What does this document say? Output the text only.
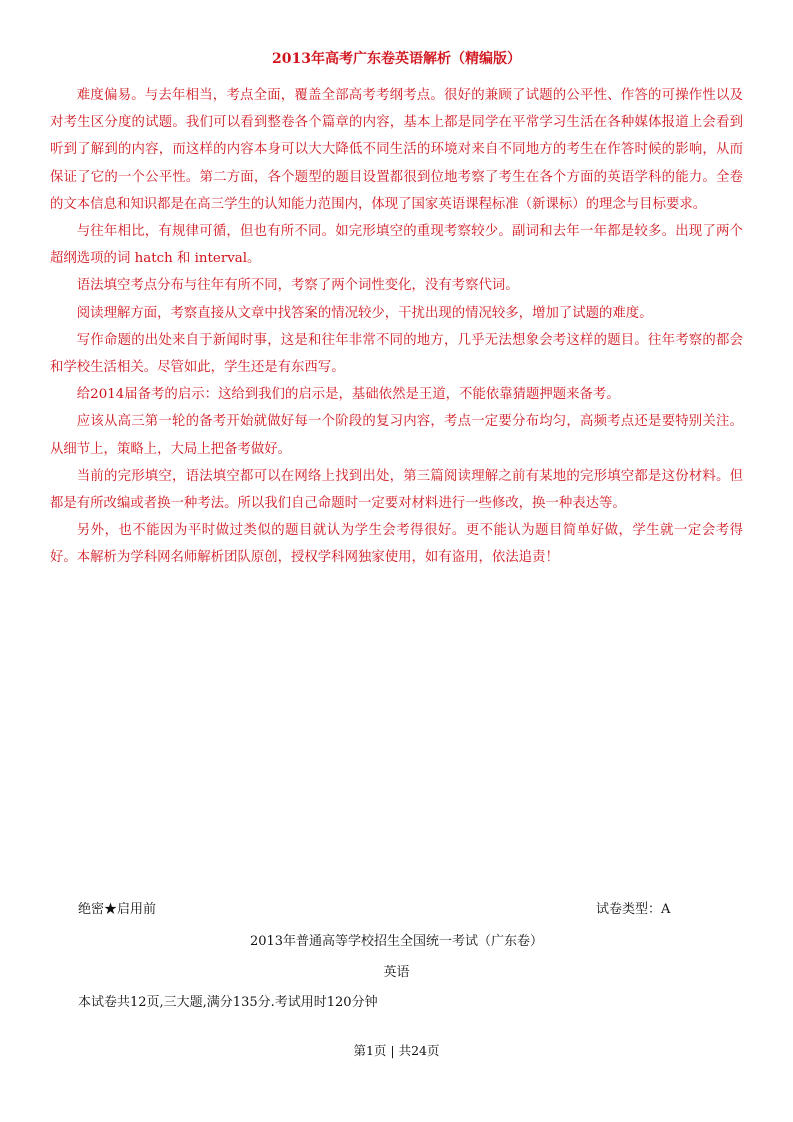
2013年高考广东卷英语解析（精编版）

难度偏易。与去年相当，考点全面，覆盖全部高考考纲考点。很好的兼顾了试题的公平性、作答的可操作性以及对考生区分度的试题。我们可以看到整卷各个篇章的内容，基本上都是同学在平常学习生活在各种媒体报道上会看到听到了解到的内容，而这样的内容本身可以大大降低不同生活的环境对来自不同地方的考生在作答时候的影响，从而保证了它的一个公平性。第二方面，各个题型的题目设置都很到位地考察了考生在各个方面的英语学科的能力。全卷的文本信息和知识都是在高三学生的认知能力范围内，体现了国家英语课程标准（新课标）的理念与目标要求。

与往年相比，有规律可循，但也有所不同。如完形填空的重现考察较少。副词和去年一年都是较多。出现了两个超纲选项的词 hatch 和 interval。

语法填空考点分布与往年有所不同，考察了两个词性变化，没有考察代词。

阅读理解方面，考察直接从文章中找答案的情况较少，干扰出现的情况较多，增加了试题的难度。

写作命题的出处来自于新闻时事，这是和往年非常不同的地方，几乎无法想象会考这样的题目。往年考察的都会和学校生活相关。尽管如此，学生还是有东西写。

给2014届备考的启示：这给到我们的启示是，基础依然是王道，不能依靠猜题押题来备考。

应该从高三第一轮的备考开始就做好每一个阶段的复习内容，考点一定要分布均匀，高频考点还是要特别关注。从细节上，策略上，大局上把备考做好。

当前的完形填空，语法填空都可以在网络上找到出处，第三篇阅读理解之前有某地的完形填空都是这份材料。但都是有所改编或者换一种考法。所以我们自己命题时一定要对材料进行一些修改，换一种表达等。

另外，也不能因为平时做过类似的题目就认为学生会考得很好。更不能认为题目简单好做，学生就一定会考得好。本解析为学科网名师解析团队原创，授权学科网独家使用，如有盗用，依法追责！

绝密★启用前	试卷类型：A

2013年普通高等学校招生全国统一考试（广东卷）

英语

本试卷共12页,三大题,满分135分.考试用时120分钟

第1页 | 共24页
